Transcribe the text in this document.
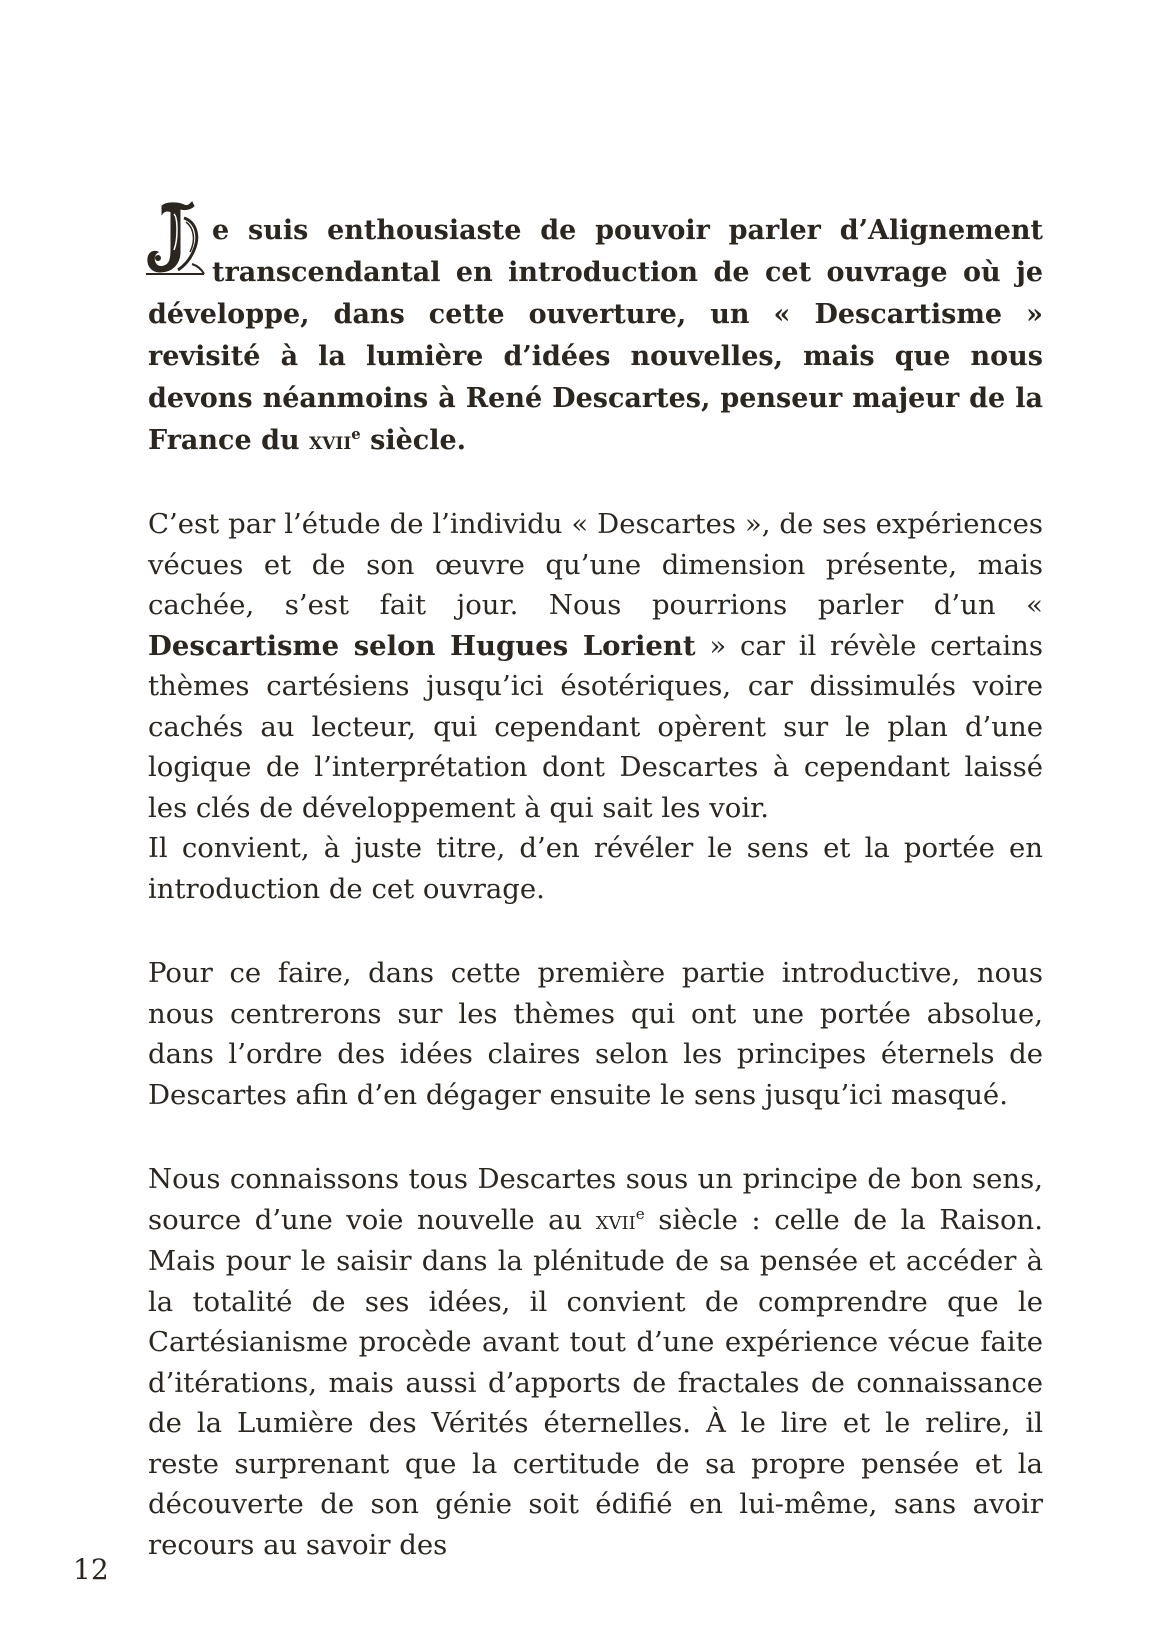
e suis enthousiaste de pouvoir parler d’Alignement transcendantal en introduction de cet ouvrage où je développe, dans cette ouverture, un « Descartisme » revisité à la lumière d’idées nouvelles, mais que nous devons néanmoins à René Descartes, penseur majeur de la France du xvii$^e$ siècle.

C’est par l’étude de l’individu « Descartes », de ses expériences vécues et de son œuvre qu’une dimension présente, mais cachée, s’est fait jour. Nous pourrions parler d’un « Descartisme selon Hugues Lorient » car il révèle certains thèmes cartésiens jusqu’ici ésotériques, car dissimulés voire cachés au lecteur, qui cependant opèrent sur le plan d’une logique de l’interprétation dont Descartes à cependant laissé les clés de développement à qui sait les voir.
Il convient, à juste titre, d’en révéler le sens et la portée en introduction de cet ouvrage.

Pour ce faire, dans cette première partie introductive, nous nous centrerons sur les thèmes qui ont une portée absolue, dans l’ordre des idées claires selon les principes éternels de Descartes afin d’en dégager ensuite le sens jusqu’ici masqué.

Nous connaissons tous Descartes sous un principe de bon sens, source d’une voie nouvelle au xvii$^e$ siècle : celle de la Raison. Mais pour le saisir dans la plénitude de sa pensée et accéder à la totalité de ses idées, il convient de comprendre que le Cartésianisme procède avant tout d’une expérience vécue faite d’itérations, mais aussi d’apports de fractales de connaissance de la Lumière des Vérités éternelles. À le lire et le relire, il reste surprenant que la certitude de sa propre pensée et la découverte de son génie soit édifié en lui-même, sans avoir recours au savoir des

12
